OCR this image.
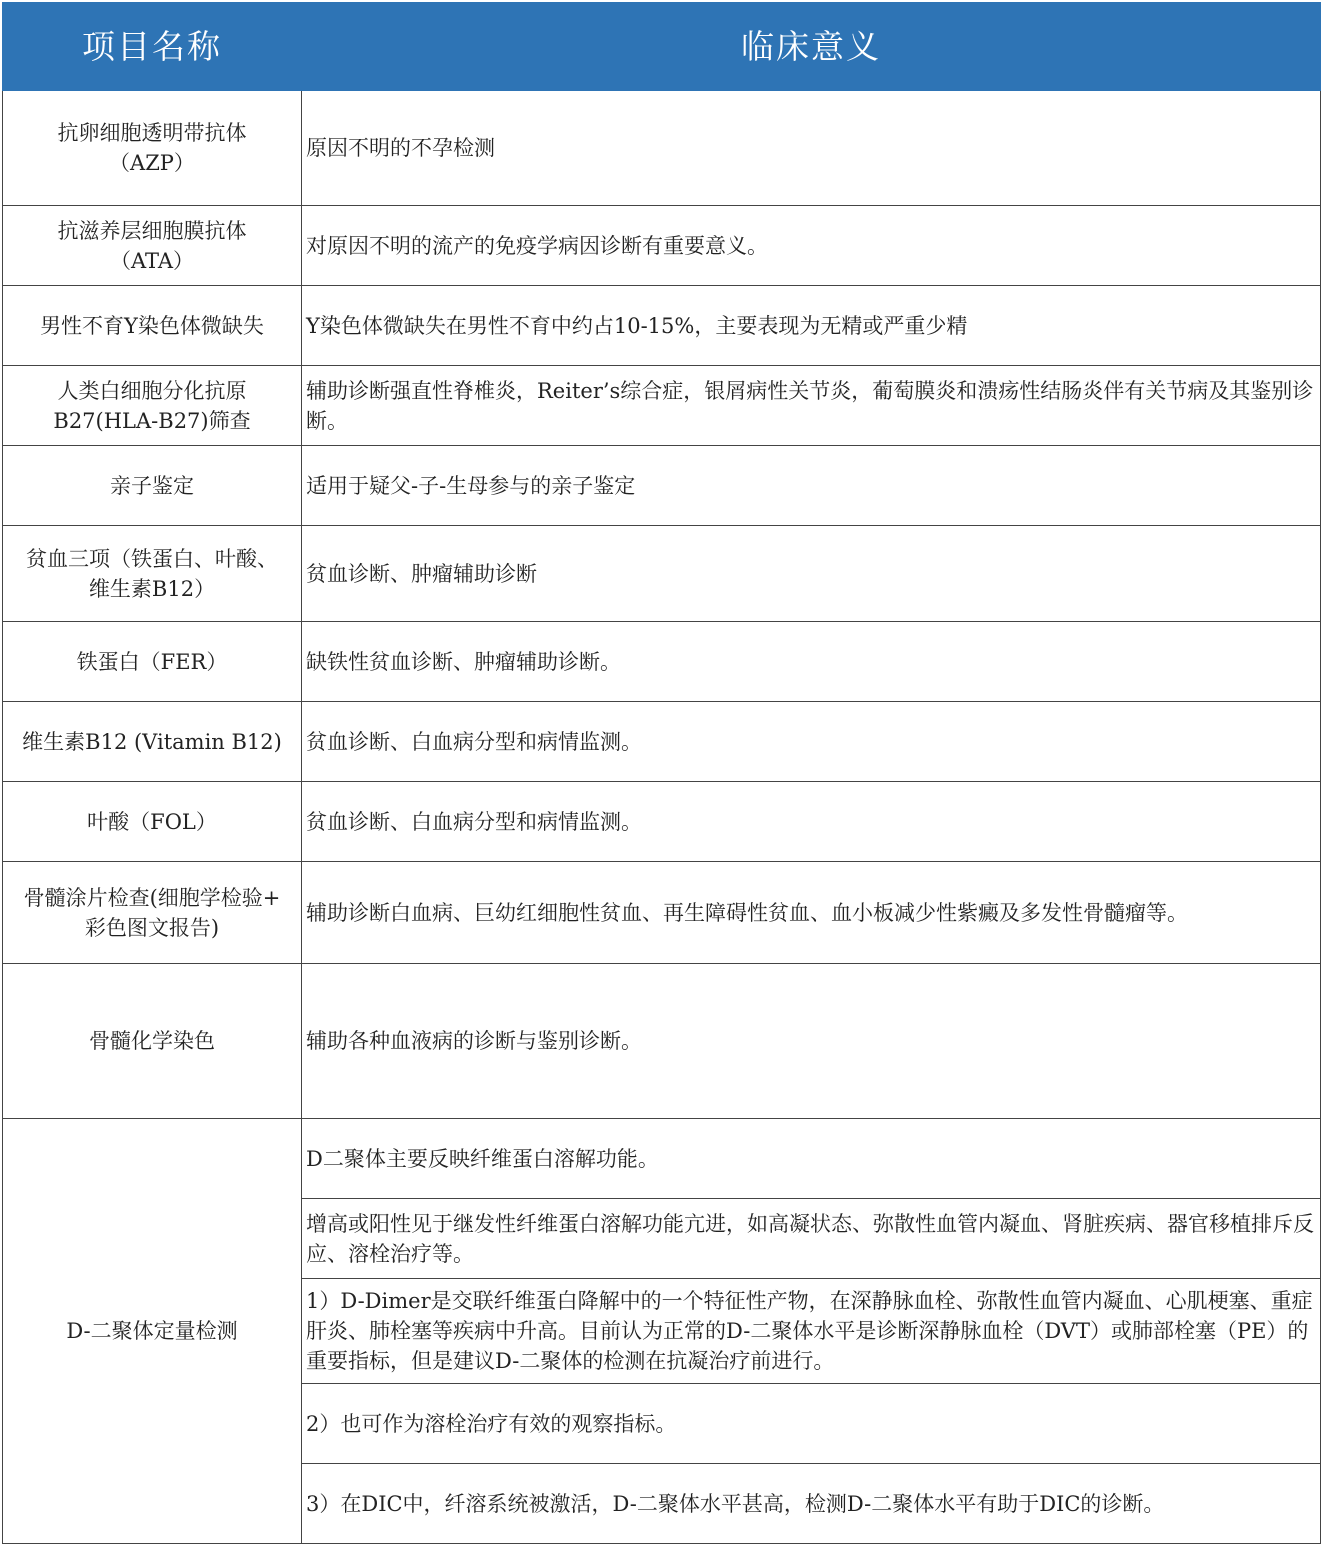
项目名称	临床意义

抗卵细胞透明带抗体
（AZP）	原因不明的不孕检测

抗滋养层细胞膜抗体
（ATA）	对原因不明的流产的免疫学病因诊断有重要意义。

男性不育Y染色体微缺失	Y染色体微缺失在男性不育中约占10-15%，主要表现为无精或严重少精

人类白细胞分化抗原
B27(HLA-B27)筛查	辅助诊断强直性脊椎炎，Reiter’s综合症，银屑病性关节炎，葡萄膜炎和溃疡性结肠炎伴有关节病及其鉴别诊断。

亲子鉴定	适用于疑父-子-生母参与的亲子鉴定

贫血三项（铁蛋白、叶酸、
维生素B12）	贫血诊断、肿瘤辅助诊断

铁蛋白（FER）	缺铁性贫血诊断、肿瘤辅助诊断。

维生素B12 (Vitamin B12)	贫血诊断、白血病分型和病情监测。

叶酸（FOL）	贫血诊断、白血病分型和病情监测。

骨髓涂片检查(细胞学检验+
彩色图文报告)	辅助诊断白血病、巨幼红细胞性贫血、再生障碍性贫血、血小板减少性紫癜及多发性骨髓瘤等。

骨髓化学染色	辅助各种血液病的诊断与鉴别诊断。
D-二聚体定量检测	D二聚体主要反映纤维蛋白溶解功能。
	增高或阳性见于继发性纤维蛋白溶解功能亢进，如高凝状态、弥散性血管内凝血、肾脏疾病、器官移植排斥反应、溶栓治疗等。
	1）D-Dimer是交联纤维蛋白降解中的一个特征性产物，在深静脉血栓、弥散性血管内凝血、心肌梗塞、重症肝炎、肺栓塞等疾病中升高。目前认为正常的D-二聚体水平是诊断深静脉血栓（DVT）或肺部栓塞（PE）的重要指标，但是建议D-二聚体的检测在抗凝治疗前进行。
	2）也可作为溶栓治疗有效的观察指标。
	3）在DIC中，纤溶系统被激活，D-二聚体水平甚高，检测D-二聚体水平有助于DIC的诊断。
